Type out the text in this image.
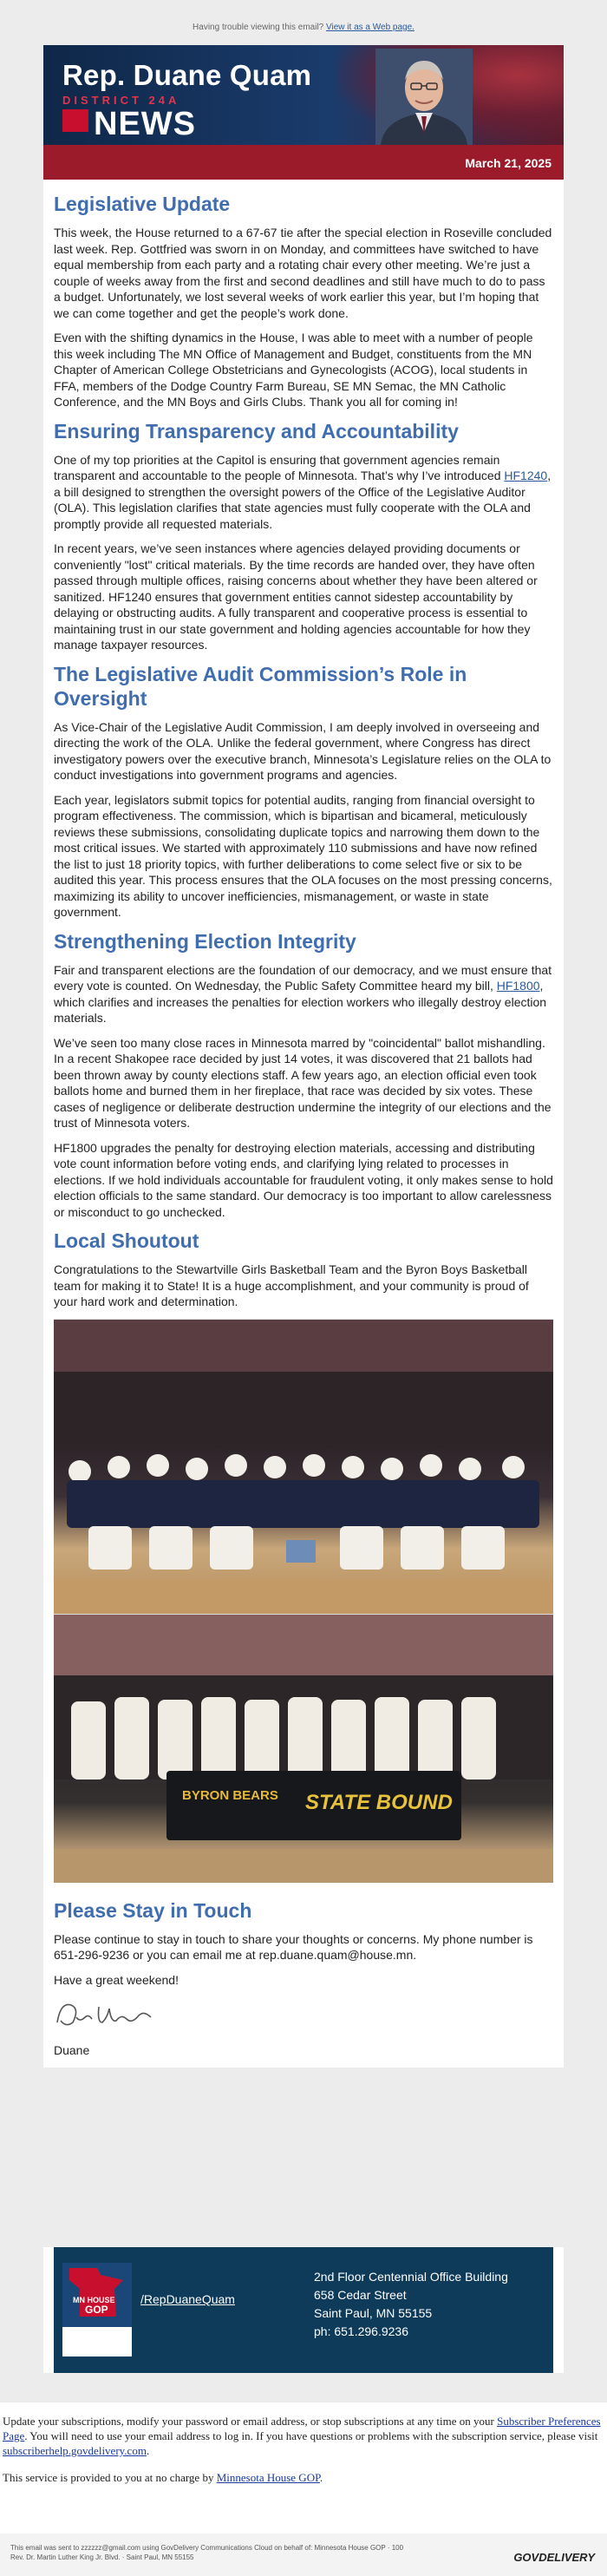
Having trouble viewing this email? View it as a Web page.
Rep. Duane Quam
DISTRICT 24A
NEWS
March 21, 2025
Legislative Update

This week, the House returned to a 67-67 tie after the special election in Roseville concluded last week. Rep. Gottfried was sworn in on Monday, and committees have switched to have equal membership from each party and a rotating chair every other meeting. We’re just a couple of weeks away from the first and second deadlines and still have much to do to pass a budget. Unfortunately, we lost several weeks of work earlier this year, but I’m hoping that we can come together and get the people’s work done.

Even with the shifting dynamics in the House, I was able to meet with a number of people this week including The MN Office of Management and Budget, constituents from the MN Chapter of American College Obstetricians and Gynecologists (ACOG), local students in FFA, members of the Dodge Country Farm Bureau, SE MN Semac, the MN Catholic Conference, and the MN Boys and Girls Clubs. Thank you all for coming in!

Ensuring Transparency and Accountability

One of my top priorities at the Capitol is ensuring that government agencies remain transparent and accountable to the people of Minnesota. That’s why I’ve introduced HF1240, a bill designed to strengthen the oversight powers of the Office of the Legislative Auditor (OLA). This legislation clarifies that state agencies must fully cooperate with the OLA and promptly provide all requested materials.

In recent years, we’ve seen instances where agencies delayed providing documents or conveniently "lost" critical materials. By the time records are handed over, they have often passed through multiple offices, raising concerns about whether they have been altered or sanitized. HF1240 ensures that government entities cannot sidestep accountability by delaying or obstructing audits. A fully transparent and cooperative process is essential to maintaining trust in our state government and holding agencies accountable for how they manage taxpayer resources.

The Legislative Audit Commission’s Role in Oversight

As Vice-Chair of the Legislative Audit Commission, I am deeply involved in overseeing and directing the work of the OLA. Unlike the federal government, where Congress has direct investigatory powers over the executive branch, Minnesota’s Legislature relies on the OLA to conduct investigations into government programs and agencies.

Each year, legislators submit topics for potential audits, ranging from financial oversight to program effectiveness. The commission, which is bipartisan and bicameral, meticulously reviews these submissions, consolidating duplicate topics and narrowing them down to the most critical issues. We started with approximately 110 submissions and have now refined the list to just 18 priority topics, with further deliberations to come select five or six to be audited this year. This process ensures that the OLA focuses on the most pressing concerns, maximizing its ability to uncover inefficiencies, mismanagement, or waste in state government.

Strengthening Election Integrity

Fair and transparent elections are the foundation of our democracy, and we must ensure that every vote is counted. On Wednesday, the Public Safety Committee heard my bill, HF1800, which clarifies and increases the penalties for election workers who illegally destroy election materials.

We’ve seen too many close races in Minnesota marred by "coincidental" ballot mishandling. In a recent Shakopee race decided by just 14 votes, it was discovered that 21 ballots had been thrown away by county elections staff. A few years ago, an election official even took ballots home and burned them in her fireplace, that race was decided by six votes. These cases of negligence or deliberate destruction undermine the integrity of our elections and the trust of Minnesota voters.

HF1800 upgrades the penalty for destroying election materials, accessing and distributing vote count information before voting ends, and clarifying lying related to processes in elections. If we hold individuals accountable for fraudulent voting, it only makes sense to hold election officials to the same standard. Our democracy is too important to allow carelessness or misconduct to go unchecked.

Local Shoutout

Congratulations to the Stewartville Girls Basketball Team and the Byron Boys Basketball team for making it to State! It is a huge accomplishment, and your community is proud of your hard work and determination.

BYRON BEARS STATE BOUND
Please Stay in Touch

Please continue to stay in touch to share your thoughts or concerns. My phone number is 651-296-9236 or you can email me at rep.duane.quam@house.mn.

Have a great weekend!

Duane

MN HOUSE
GOP
facebook
/RepDuaneQuam
2nd Floor Centennial Office Building
658 Cedar Street
Saint Paul, MN 55155
ph: 651.296.9236
Update your subscriptions, modify your password or email address, or stop subscriptions at any time on your Subscriber Preferences Page. You will need to use your email address to log in. If you have questions or problems with the subscription service, please visit subscriberhelp.govdelivery.com.
This service is provided to you at no charge by Minnesota House GOP.
This email was sent to zzzzzz@gmail.com using GovDelivery Communications Cloud on behalf of: Minnesota House GOP · 100
Rev. Dr. Martin Luther King Jr. Blvd. · Saint Paul, MN 55155	GOVDELIVERY
